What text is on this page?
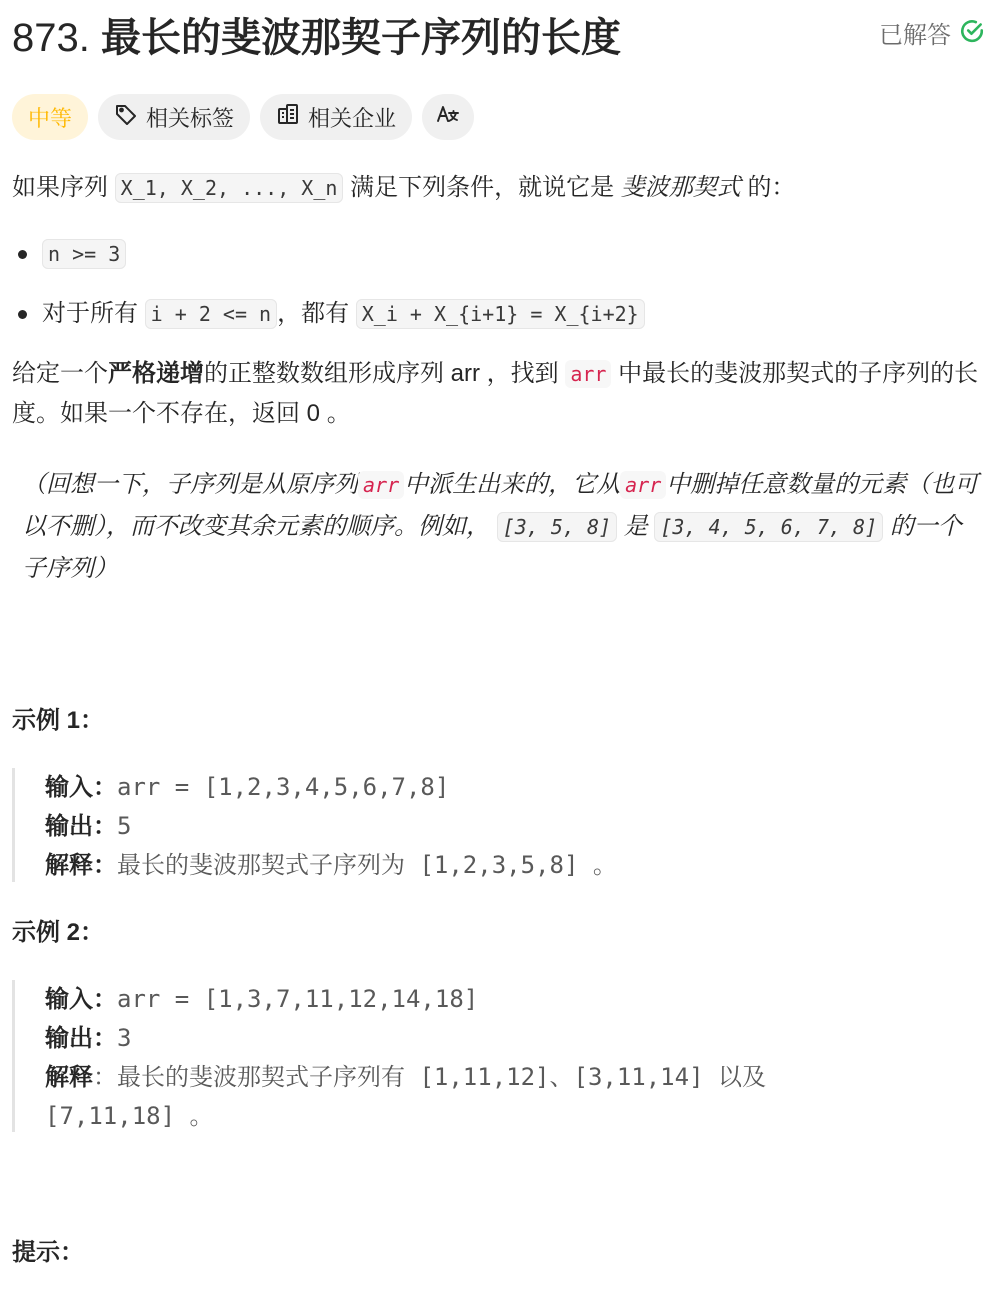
873. 最长的斐波那契子序列的长度	已解答
中等	相关标签	相关企业

如果序列 X_1, X_2, ..., X_n 满足下列条件，就说它是 斐波那契式 的：

n >= 3
对于所有 i + 2 <= n ，都有 X_i + X_{i+1} = X_{i+2}

给定一个严格递增的正整数数组形成序列 arr ，找到 arr 中最长的斐波那契式的子序列的长度。如果一个不存在，返回 0 。

（回想一下，子序列是从原序列 arr 中派生出来的，它从 arr 中删掉任意数量的元素（也可以不删），而不改变其余元素的顺序。例如， [3, 5, 8] 是 [3, 4, 5, 6, 7, 8] 的一个子序列）

示例 1：
输入：arr = [1,2,3,4,5,6,7,8]
输出：5
解释：最长的斐波那契式子序列为 [1,2,3,5,8] 。
示例 2：
输入：arr = [1,3,7,11,12,14,18]
输出：3
解释：最长的斐波那契式子序列有 [1,11,12]、[3,11,14] 以及
[7,11,18] 。
提示：
